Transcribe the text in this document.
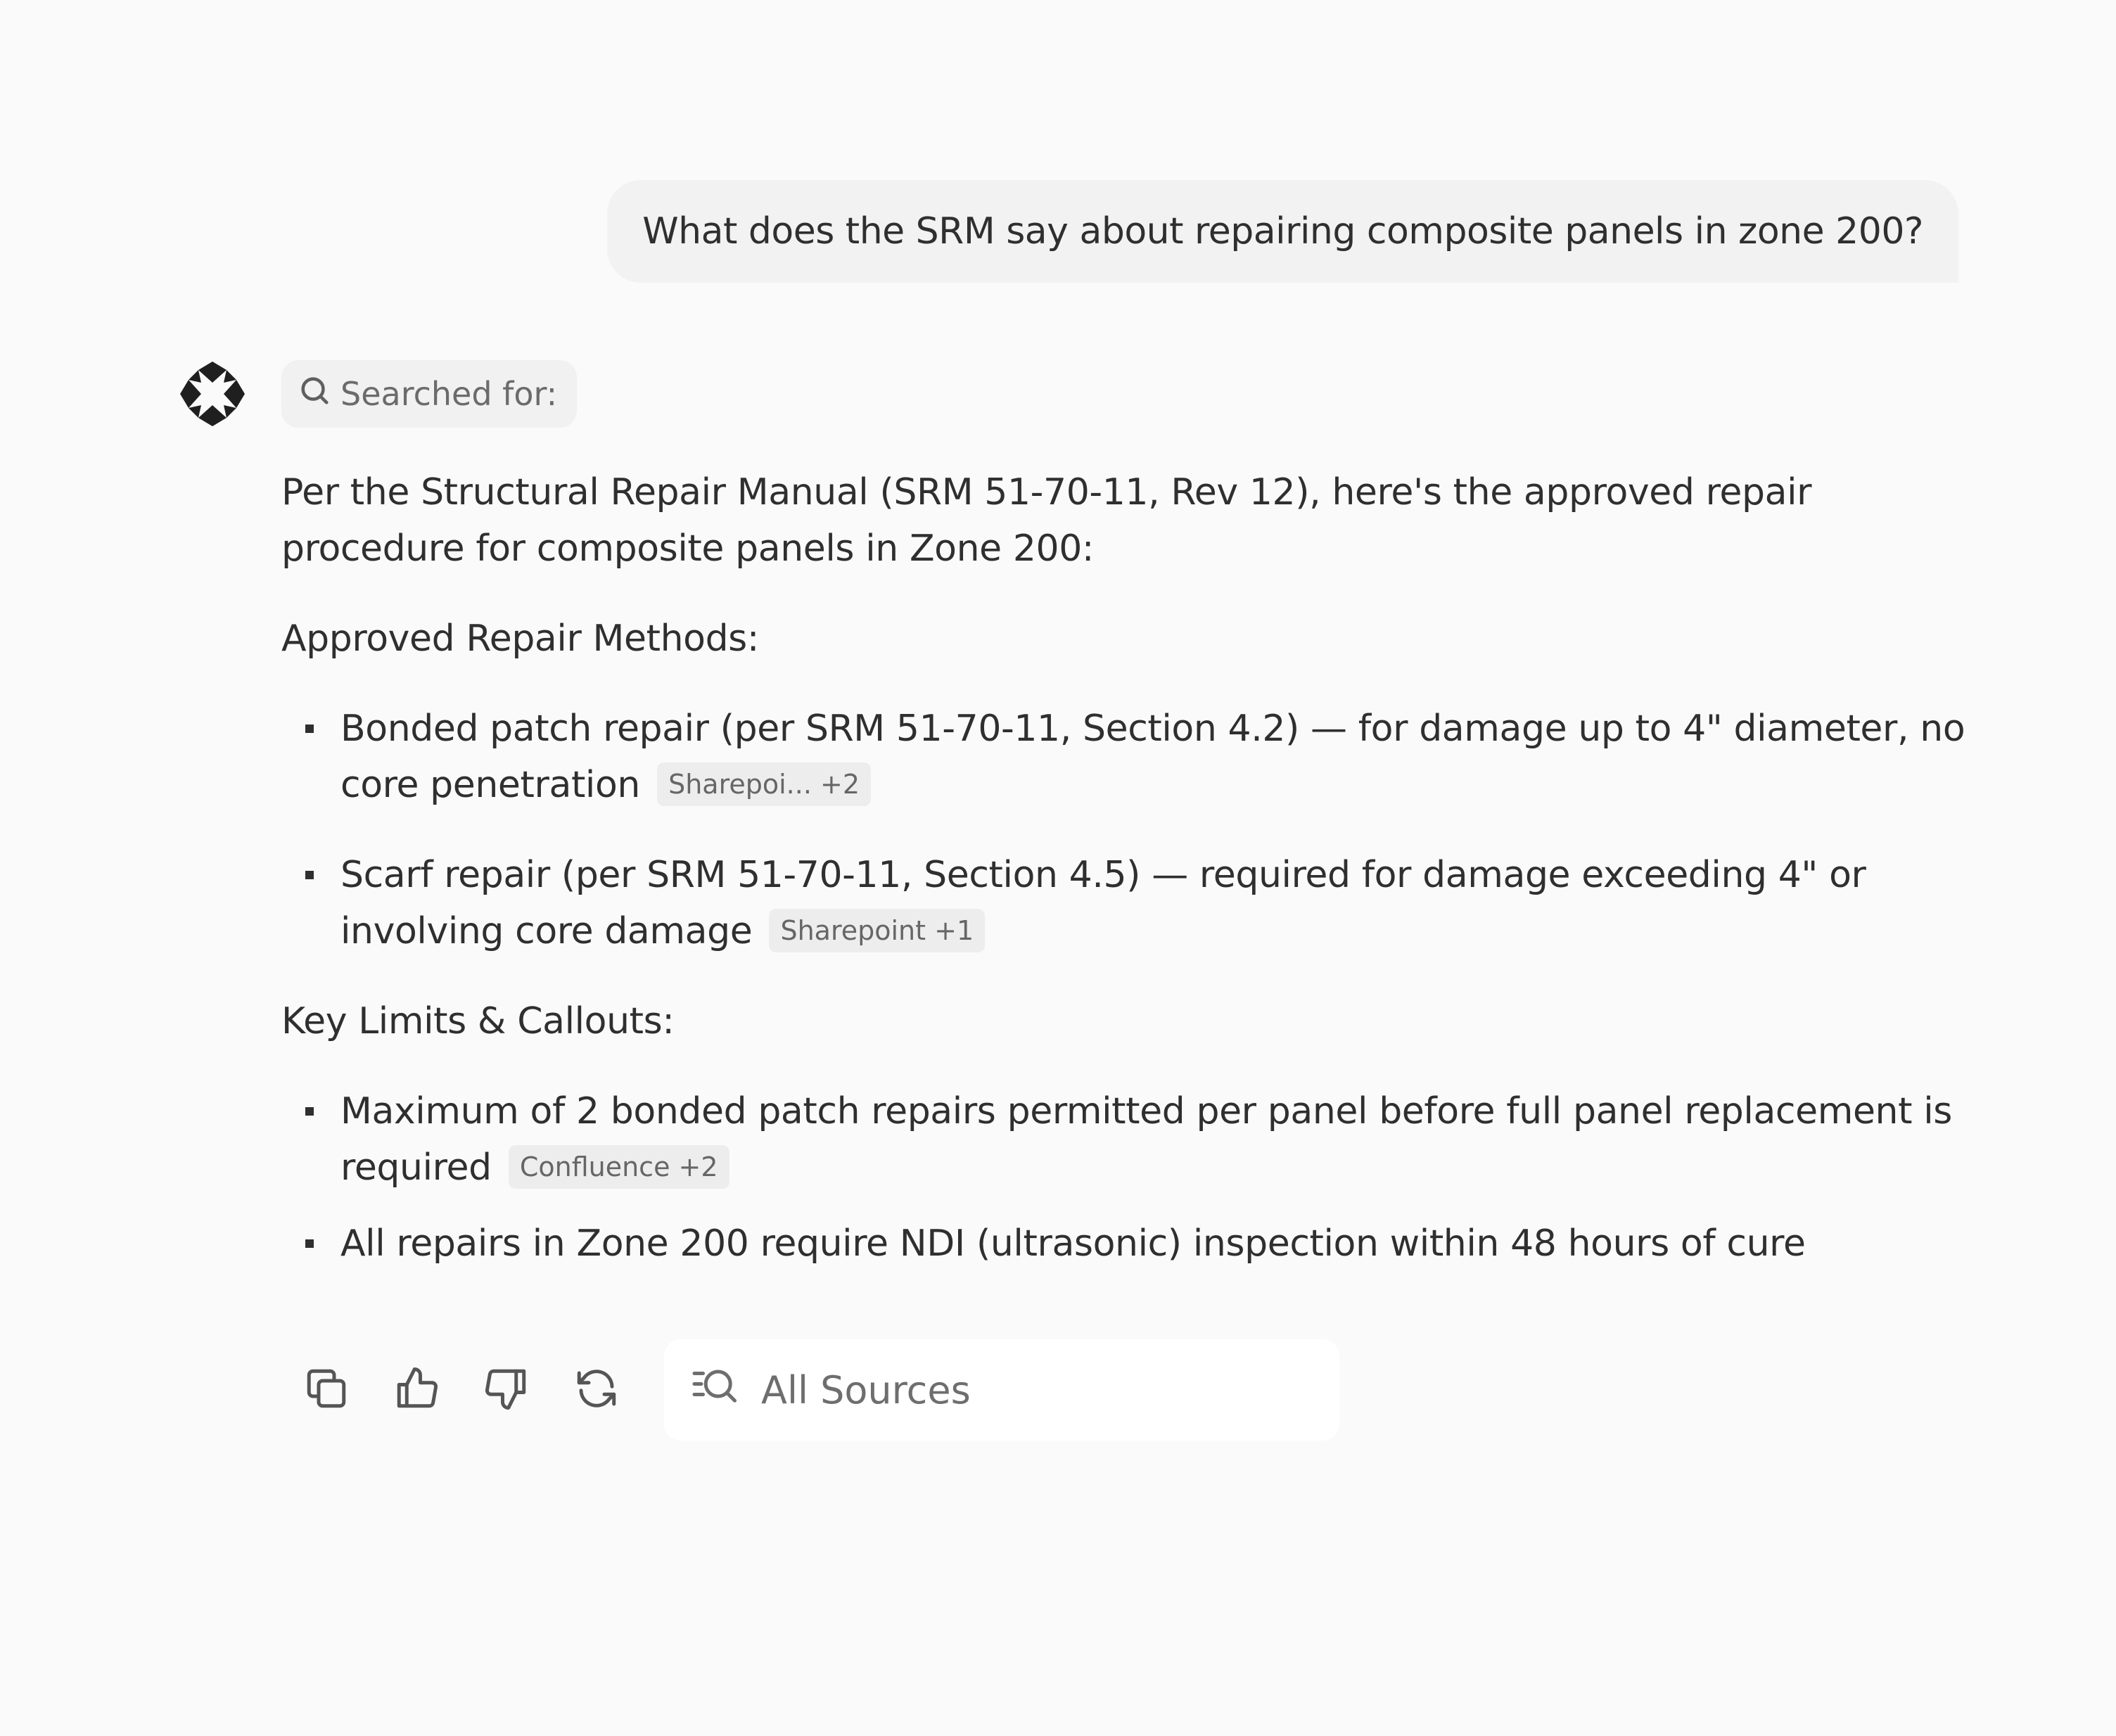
What does the SRM say about repairing composite panels in zone 200?
Searched for:

Per the Structural Repair Manual (SRM 51-70-11, Rev 12), here's the approved repair procedure for composite panels in Zone 200:

Approved Repair Methods:

Bonded patch repair (per SRM 51-70-11, Section 4.2) — for damage up to 4" diameter, no core penetration Sharepoi... +2
Scarf repair (per SRM 51-70-11, Section 4.5) — required for damage exceeding 4" or involving core damage Sharepoint +1

Key Limits & Callouts:

Maximum of 2 bonded patch repairs permitted per panel before full panel replacement is required Confluence +2
All repairs in Zone 200 require NDI (ultrasonic) inspection within 48 hours of cure
All Sources
